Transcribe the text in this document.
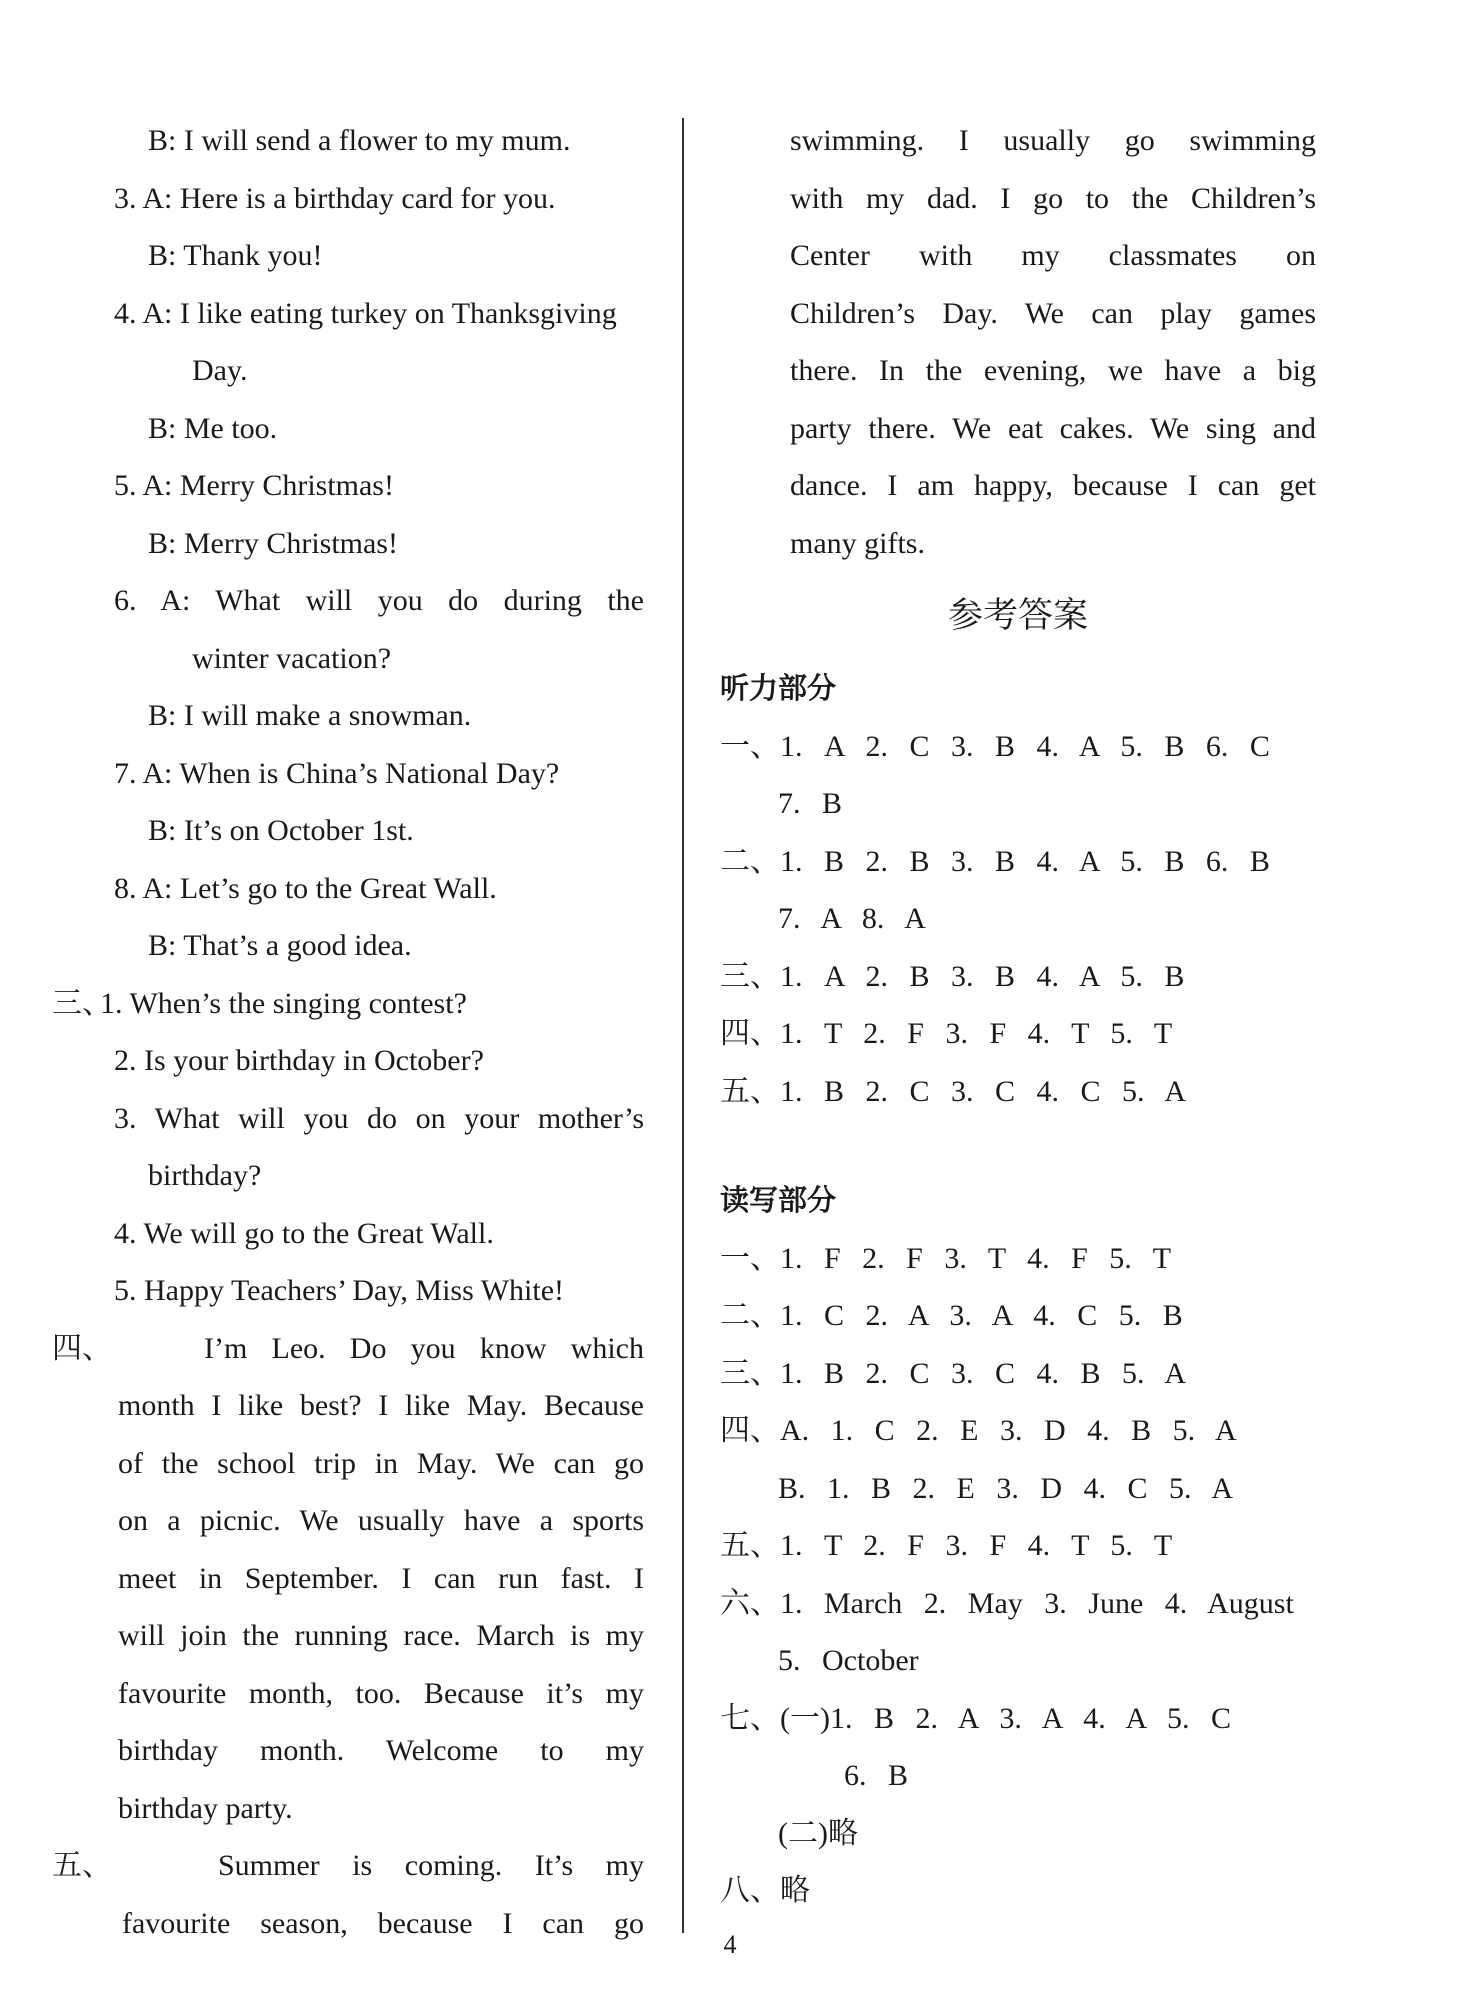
B: I will send a flower to my mum.
3. A: Here is a birthday card for you.
B: Thank you!
4. A: I like eating turkey on Thanksgiving
Day.
B: Me too.
5. A: Merry Christmas!
B: Merry Christmas!
6. A: What will you do during the
winter vacation?
B: I will make a snowman.
7. A: When is China’s National Day?
B: It’s on October 1st.
8. A: Let’s go to the Great Wall.
B: That’s a good idea.
三、
1. When’s the singing contest?
2. Is your birthday in October?
3. What will you do on your mother’s
birthday?
4. We will go to the Great Wall.
5. Happy Teachers’ Day, Miss White!
四、	I’m Leo. Do you know which
month I like best? I like May. Because
of the school trip in May. We can go
on a picnic. We usually have a sports
meet in September. I can run fast. I
will join the running race. March is my
favourite month, too. Because it’s my
birthday month. Welcome to my
birthday party.
五、	Summer is coming. It’s my
favourite season, because I can go
swimming. I usually go swimming
with my dad. I go to the Children’s
Center with my classmates on
Children’s Day. We can play games
there. In the evening, we have a big
party there. We eat cakes. We sing and
dance. I am happy, because I can get
many gifts.
参考答案
听力部分
一、1. A 2. C 3. B 4. A 5. B 6. C
7. B
二、1. B 2. B 3. B 4. A 5. B 6. B
7. A 8. A
三、1. A 2. B 3. B 4. A 5. B
四、1. T 2. F 3. F 4. T 5. T
五、1. B 2. C 3. C 4. C 5. A
读写部分
一、1. F 2. F 3. T 4. F 5. T
二、1. C 2. A 3. A 4. C 5. B
三、1. B 2. C 3. C 4. B 5. A
四、A. 1. C 2. E 3. D 4. B 5. A
B. 1. B 2. E 3. D 4. C 5. A
五、1. T 2. F 3. F 4. T 5. T
六、1. March 2. May 3. June 4. August
5. October
七、(一)1. B 2. A 3. A 4. A 5. C
6. B
(二)略
八、略
4
